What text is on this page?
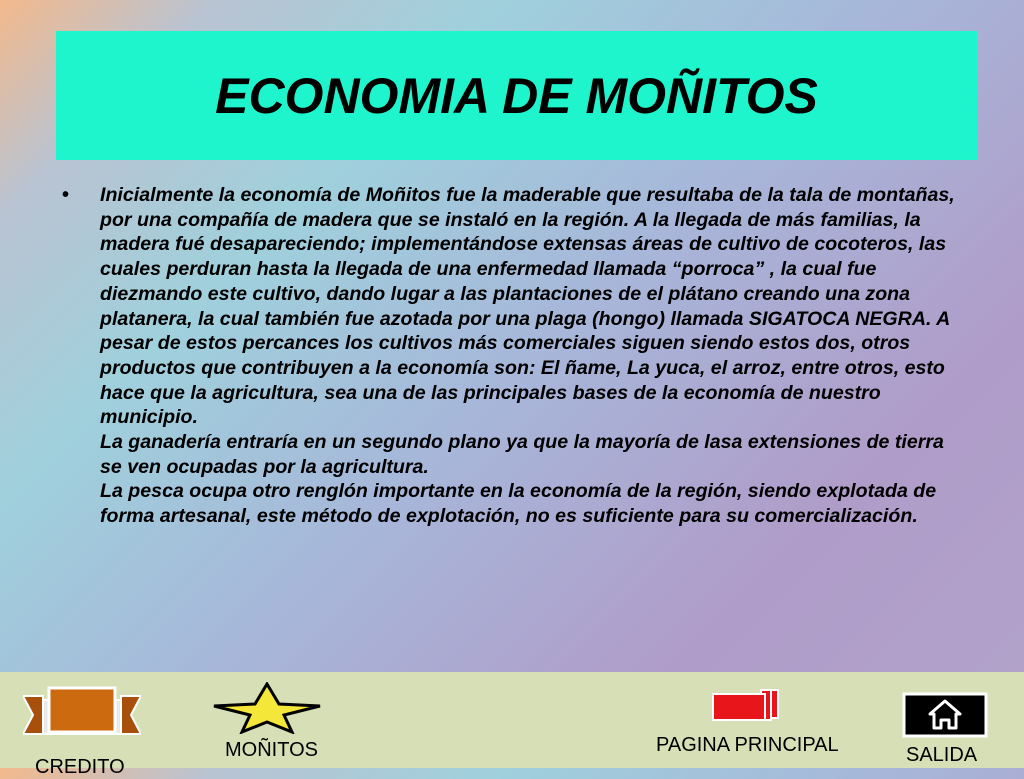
ECONOMIA DE MOÑITOS
•	Inicialmente la economía de Moñitos fue la maderable que resultaba de la tala de montañas, por una compañía de madera que se instaló en la región. A la llegada de más familias, la madera fué desapareciendo; implementándose extensas áreas de cultivo de cocoteros, las cuales perduran hasta la llegada de una enfermedad llamada “porroca” , la cual fue diezmando este cultivo, dando lugar a las plantaciones de el plátano creando una zona platanera, la cual también fue azotada por una plaga (hongo) llamada SIGATOCA NEGRA. A pesar de estos percances los cultivos más comerciales siguen siendo estos dos, otros productos que contribuyen a la economía son: El ñame, La yuca, el arroz, entre otros, esto hace que la agricultura, sea una de las principales bases de la economía de nuestro municipio.

La ganadería entraría en un segundo plano ya que la mayoría de lasa extensiones de tierra se ven ocupadas por la agricultura.

La pesca ocupa otro renglón importante en la economía de la región, siendo explotada de forma artesanal, este método de explotación, no es suficiente para su comercialización.

CREDITO
MOÑITOS	PAGINA PRINCIPAL	SALIDA
